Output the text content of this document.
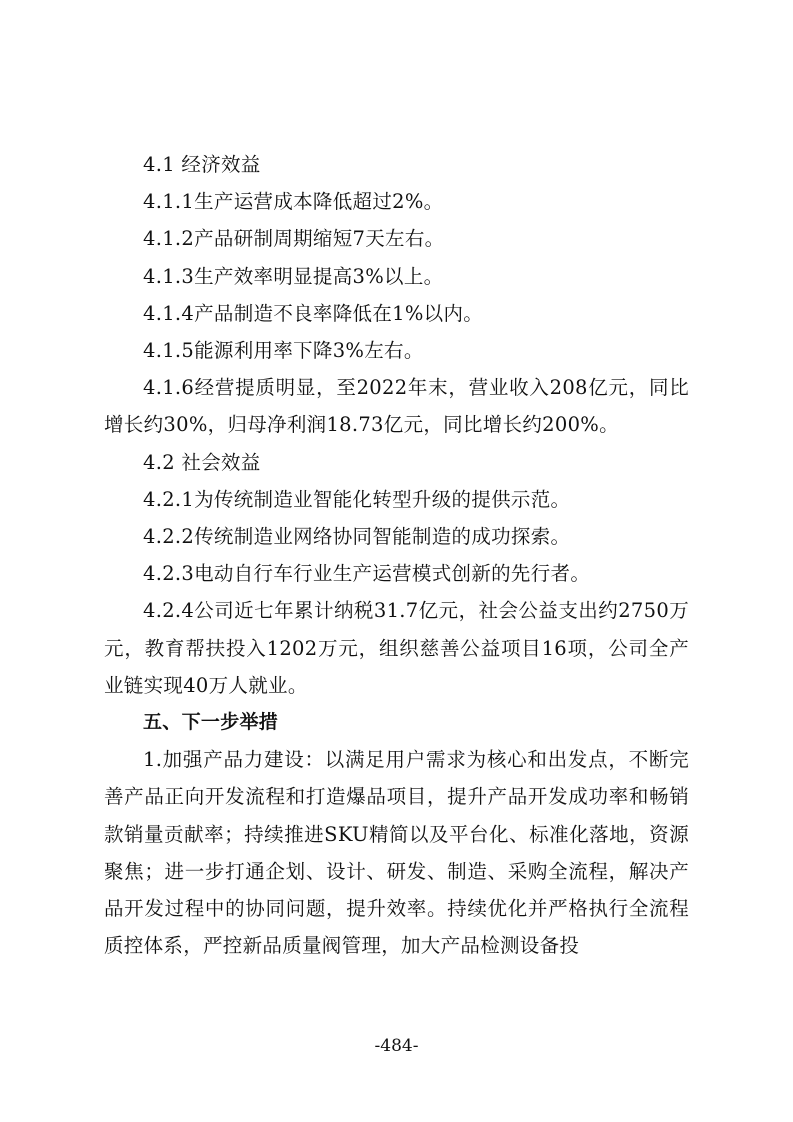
4.1 经济效益

4.1.1生产运营成本降低超过2%。

4.1.2产品研制周期缩短7天左右。

4.1.3生产效率明显提高3%以上。

4.1.4产品制造不良率降低在1%以内。

4.1.5能源利用率下降3%左右。

4.1.6经营提质明显，至2022年末，营业收入208亿元，同比增长约30%，归母净利润18.73亿元，同比增长约200%。

4.2 社会效益

4.2.1为传统制造业智能化转型升级的提供示范。

4.2.2传统制造业网络协同智能制造的成功探索。

4.2.3电动自行车行业生产运营模式创新的先行者。

4.2.4公司近七年累计纳税31.7亿元，社会公益支出约2750万元，教育帮扶投入1202万元，组织慈善公益项目16项，公司全产业链实现40万人就业。

五、下一步举措

1.加强产品力建设：以满足用户需求为核心和出发点，不断完善产品正向开发流程和打造爆品项目，提升产品开发成功率和畅销款销量贡献率；持续推进SKU精简以及平台化、标准化落地，资源聚焦；进一步打通企划、设计、研发、制造、采购全流程，解决产品开发过程中的协同问题，提升效率。持续优化并严格执行全流程质控体系，严控新品质量阀管理，加大产品检测设备投

-484-
